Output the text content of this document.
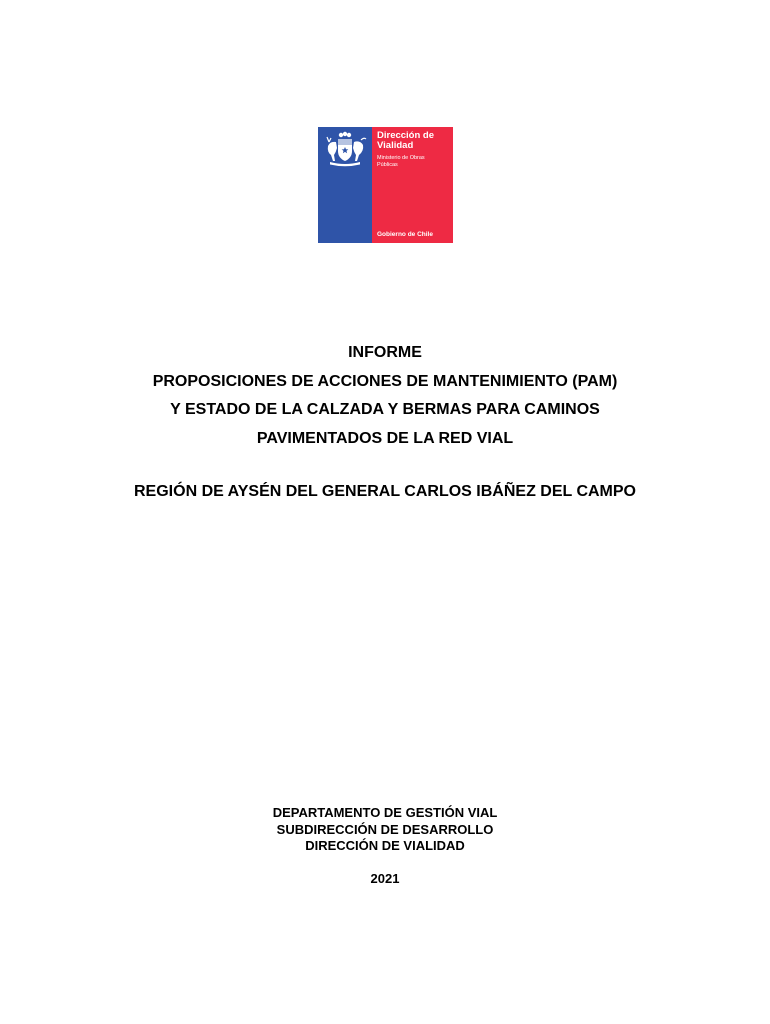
Dirección de
Vialidad
Ministerio de Obras
Públicas
Gobierno de Chile
INFORME
PROPOSICIONES DE ACCIONES DE MANTENIMIENTO (PAM)
Y ESTADO DE LA CALZADA Y BERMAS PARA CAMINOS
PAVIMENTADOS DE LA RED VIAL
REGIÓN DE AYSÉN DEL GENERAL CARLOS IBÁÑEZ DEL CAMPO
DEPARTAMENTO DE GESTIÓN VIAL
SUBDIRECCIÓN DE DESARROLLO
DIRECCIÓN DE VIALIDAD
2021
